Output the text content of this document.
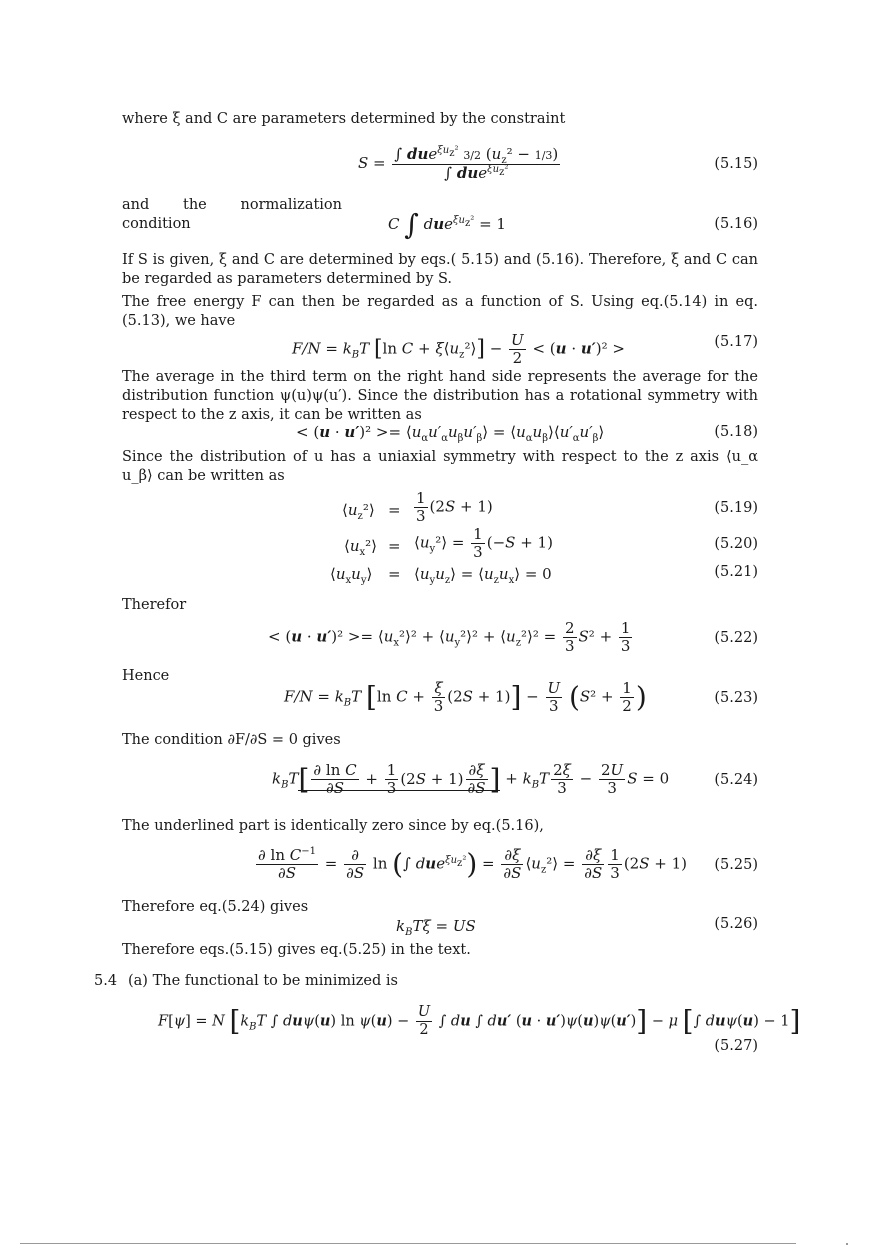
where ξ and C are parameters determined by the constraint
$S = \frac{\int due^{\xi u_z^2} 3/2 (u_z^2 - 1/3)}{\int due^{\xi u_z^2}}$	(5.15)
and the normalization condition	C ∫ due$^{\xi u_z^2}$ = 1	(5.16)
If S is given, ξ and C are determined by eqs.( 5.15) and (5.16). Therefore, ξ and C can be regarded as parameters determined by S.
The free energy F can then be regarded as a function of S. Using eq.(5.14) in eq.(5.13), we have
$F/N = k_BT$ [ln $C + \xi⟨u_z^2⟩] - \frac{U}{2} < (u \cdot u')^2$ >	(5.17)
The average in the third term on the right hand side represents the average for the distribution function ψ(u)ψ(u′). Since the distribution has a rotational symmetry with respect to the z axis, it can be written as
< $(u \cdot u')^2 >= ⟨u_\alpha u'_\alpha u_\beta u'_\beta⟩$ = $⟨u_\alpha u_\beta⟩⟨u'_\alpha u'_\beta⟩$	(5.18)
Since the distribution of u has a uniaxial symmetry with respect to the z axis ⟨u_α u_β⟩ can be written as
$⟨u_z^2⟩ = \frac{1}{3} (2S + 1)$	(5.19)
$⟨u_x^2⟩$ = $⟨u_y^2⟩ = \frac{1}{3} (-S + 1)$	(5.20)
$⟨u_xu_y⟩$ = $⟨u_yu_z⟩$ = $⟨u_zu_x⟩ = 0$	(5.21)
Therefor
< $(u \cdot u')^2 >= ⟨u_x^2⟩^2$ + $⟨u_y^2⟩^2$ + $⟨u_z^2⟩^2 = \frac{2}{3} S^2 + \frac{1}{3}$	(5.22)
Hence
$F/N = k_BT$ [ln $C + \frac{\xi}{3} (2S + 1)] - \frac{U}{3} (S^2 + \frac{1}{2}$ )	(5.23)
The condition ∂F/∂S = 0 gives
$k_BT[ \frac{\text{∂ ln C}}{\partial S} + \frac{1}{3} (2S + 1) \frac{\partial\xi}{\partial S}$ ] + $k_BT \frac{2\xi}{3} - \frac{2U}{3}$ S = 0	(5.24)
The underlined part is identically zero since by eq.(5.16),
$\frac{\partial \ln C^{-1}}{\partial S} = \frac{\partial}{\partial S}$ ln (∫ $due^{\xi u_z^2}) = \frac{\partial\xi}{\partial S}$ $⟨u_z^2⟩ = \frac{\partial\xi}{\partial S} \frac{1}{3} (2S + 1)$ (5.25)
Therefore eq.(5.24) gives
$k_BT\xi$ = US	(5.26)
Therefore eqs.(5.15) gives eq.(5.25) in the text.
5.4 (a) The functional to be minimized is
F[ψ] = N [$k_BT$ ∫ duψ(u) $\ln \psi(u) - \frac{U}{2}$ ∫ du ∫ du′ (u · u′)ψ(u)ψ(u′)] − μ [∫ duψ(u) − 1]
(5.27)
